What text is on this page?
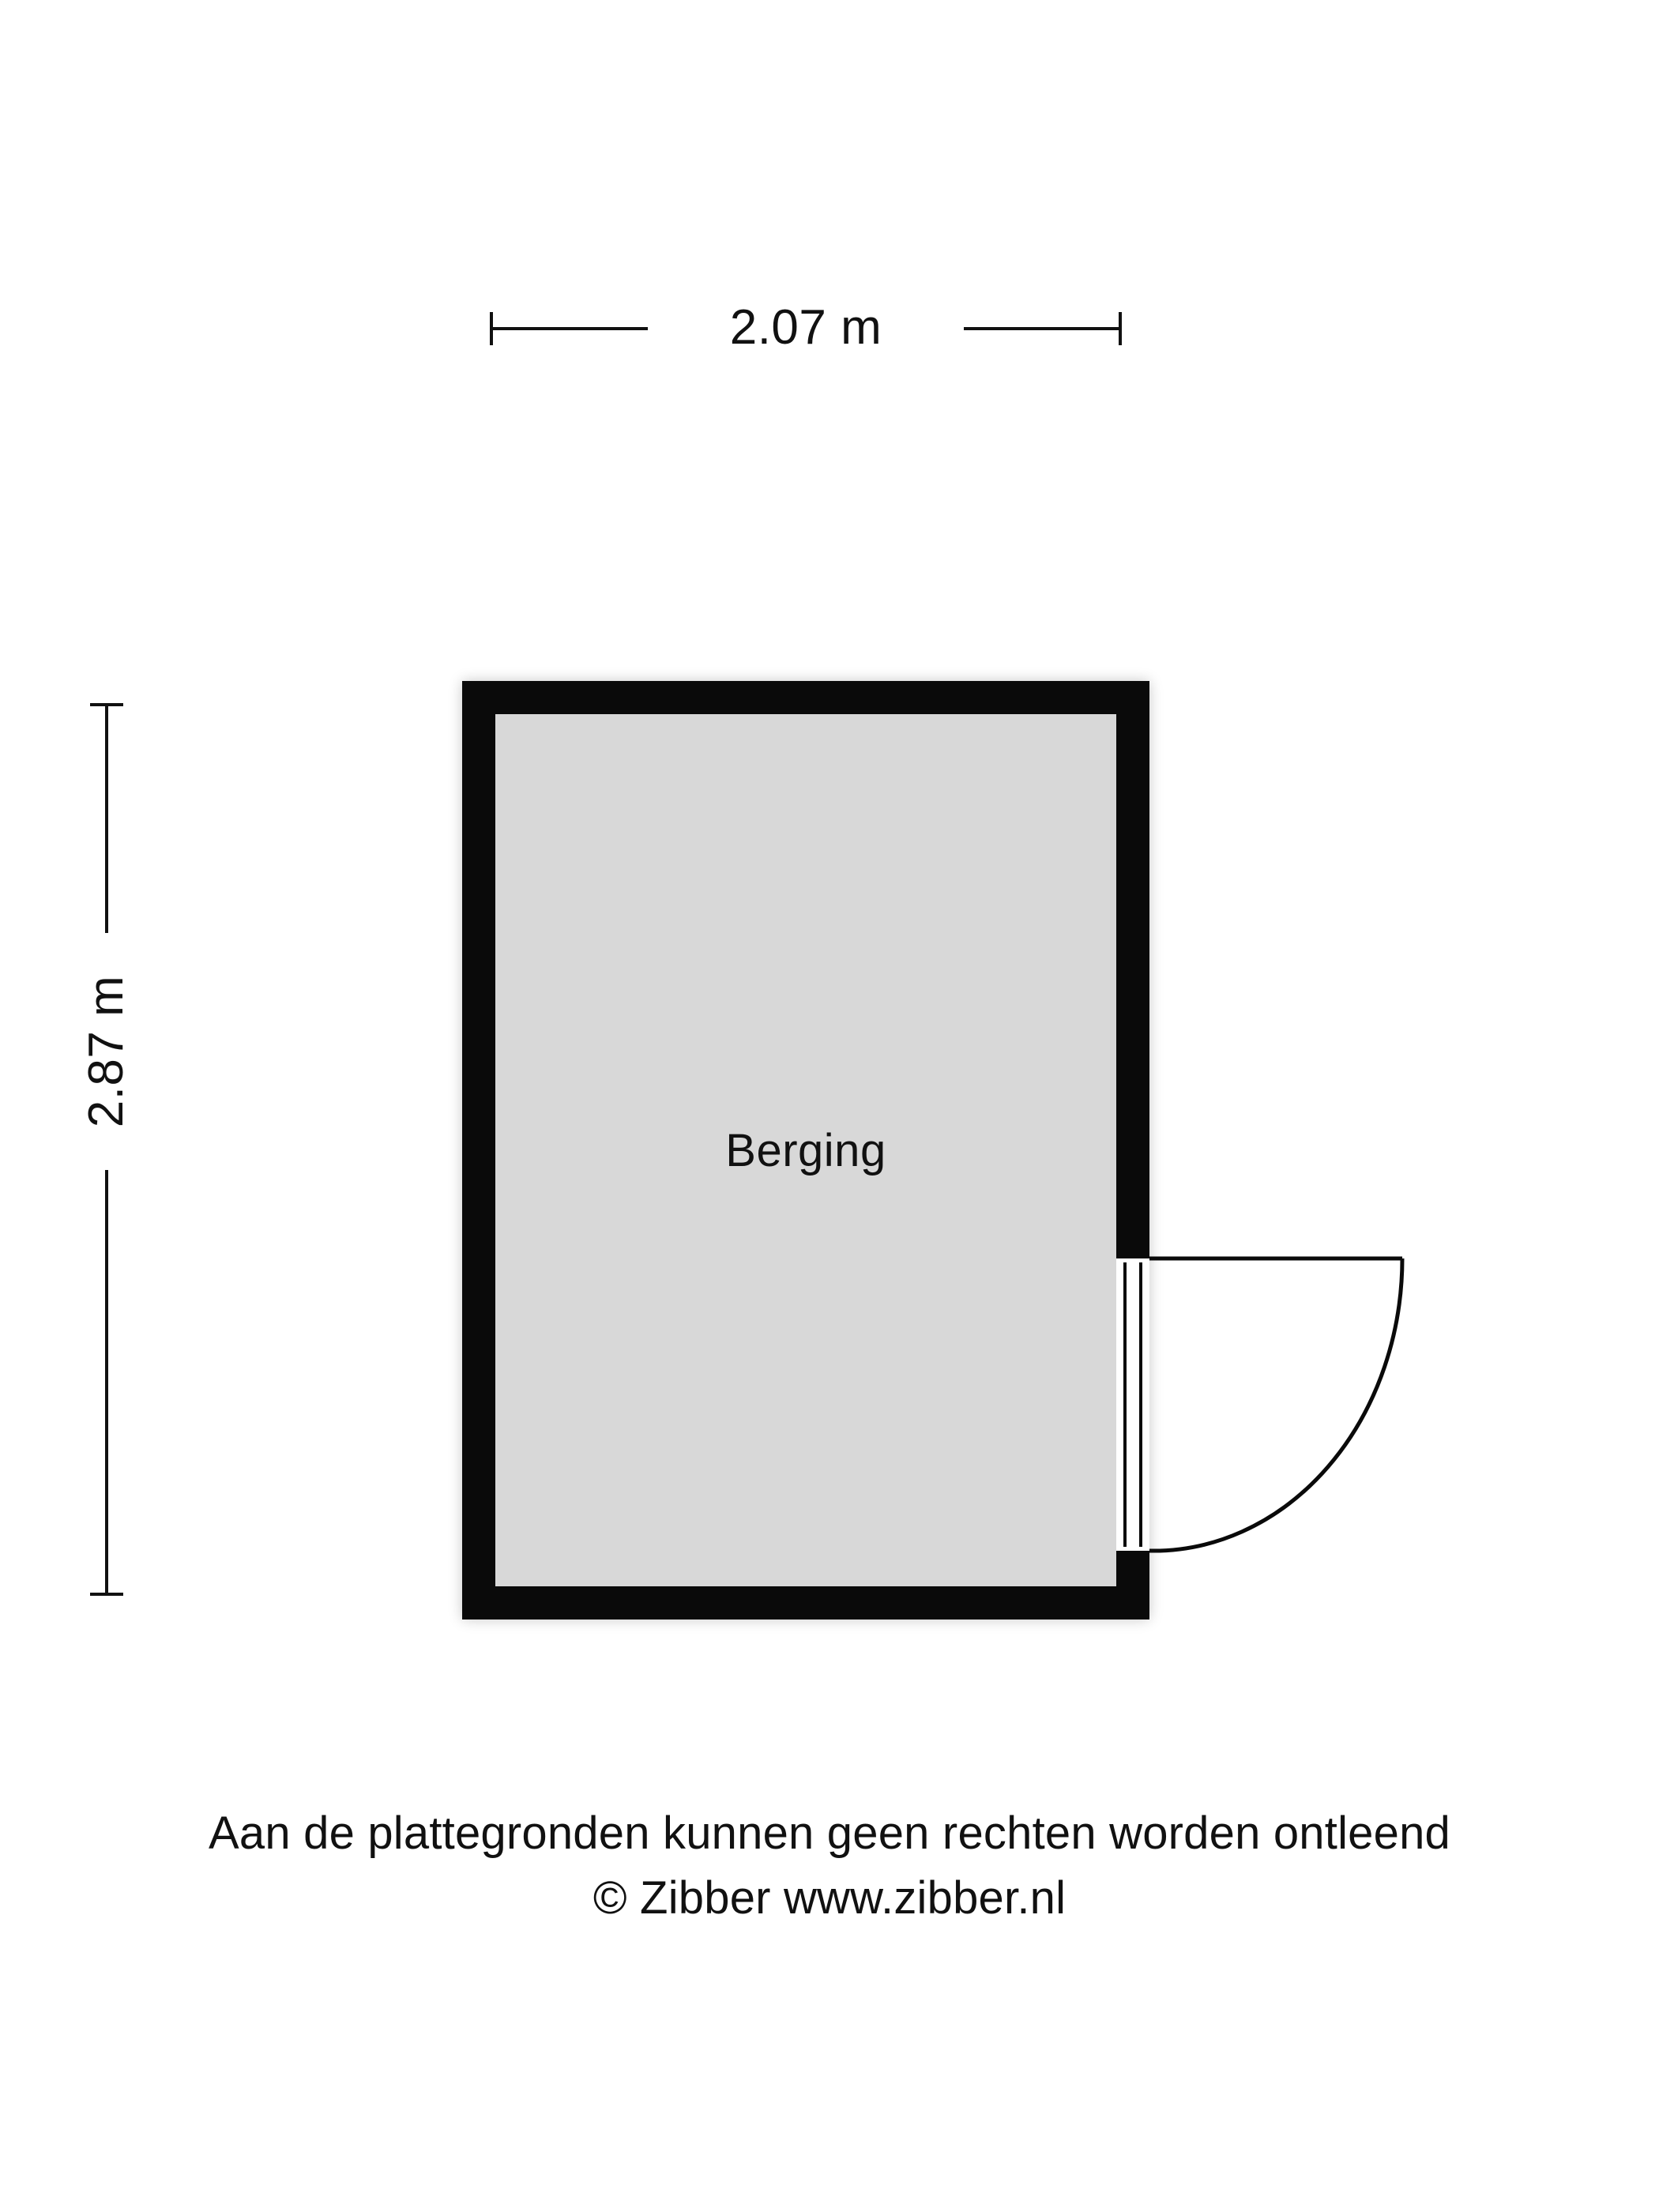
2.07 m
2.87 m
Berging
Aan de plattegronden kunnen geen rechten worden ontleend
© Zibber www.zibber.nl
